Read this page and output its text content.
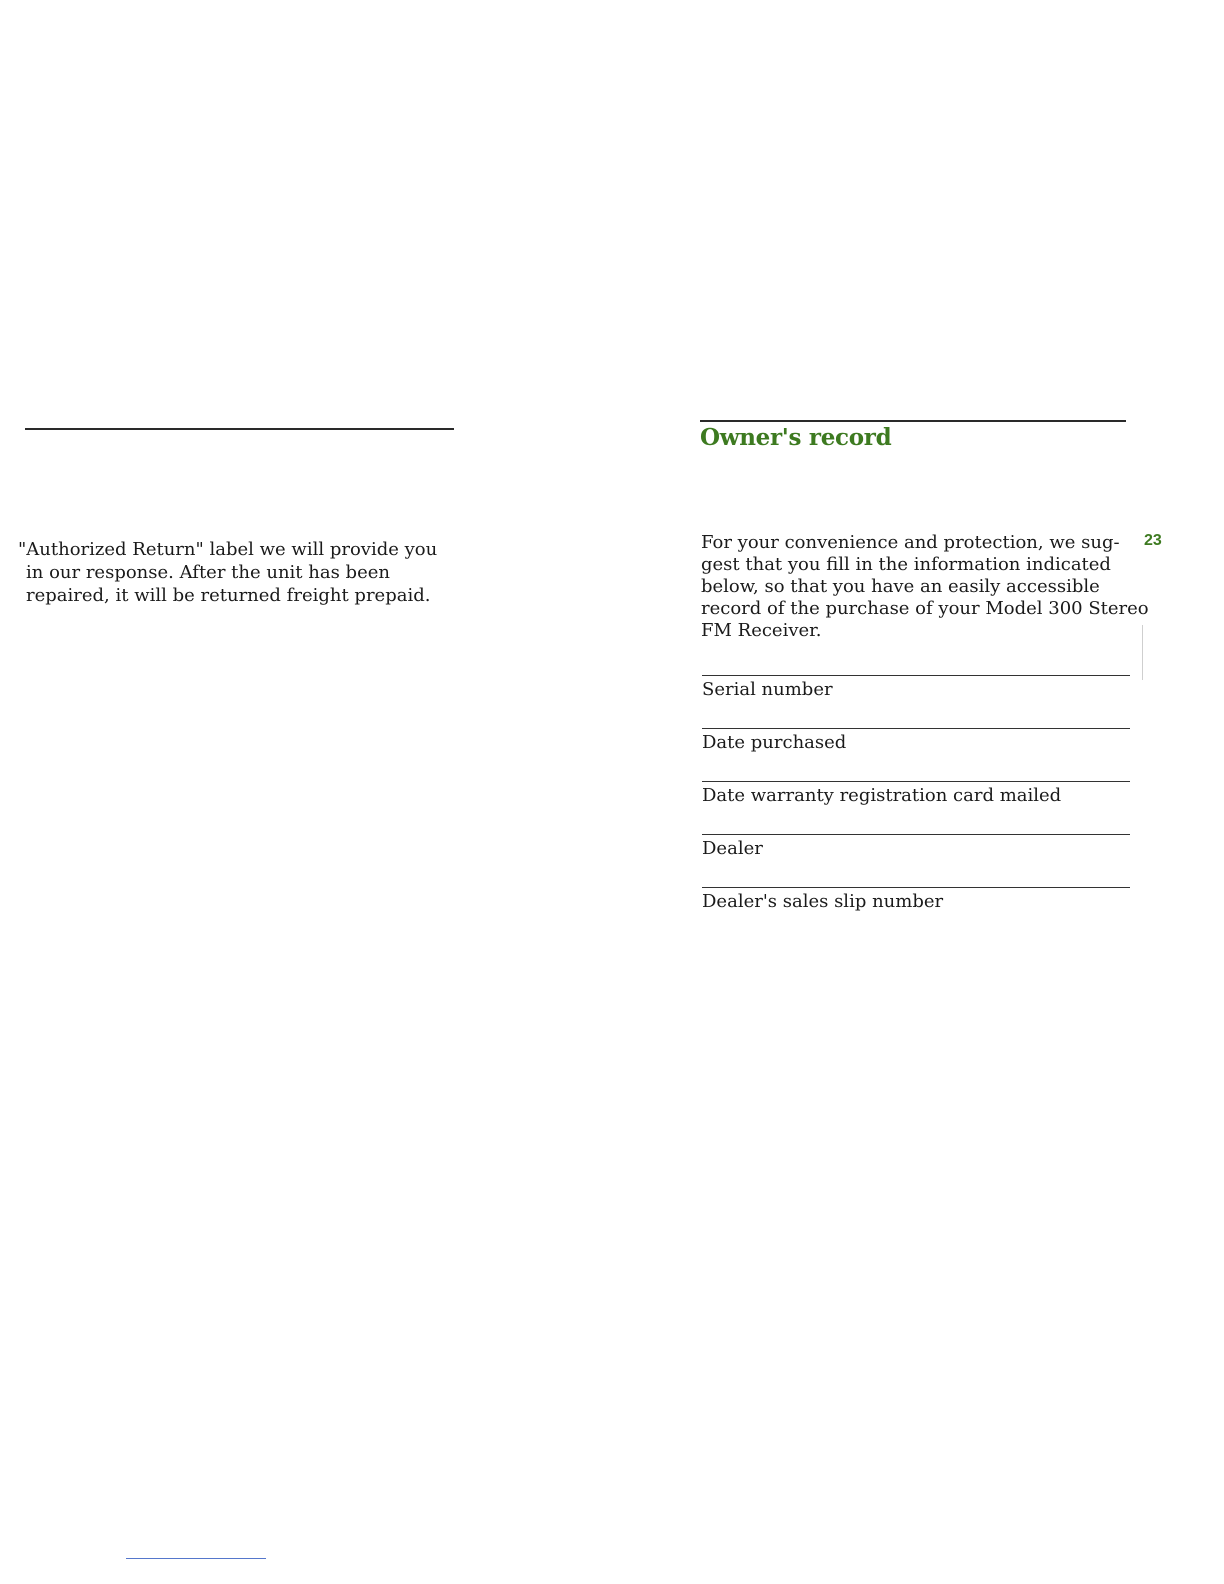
"Authorized Return" label we will provide you
in our response. After the unit has been
repaired, it will be returned freight prepaid.

Owner's record
23

For your convenience and protection, we sug-
gest that you fill in the information indicated
below, so that you have an easily accessible
record of the purchase of your Model 300 Stereo
FM Receiver.

Serial number
Date purchased
Date warranty registration card mailed
Dealer
Dealer's sales slip number
